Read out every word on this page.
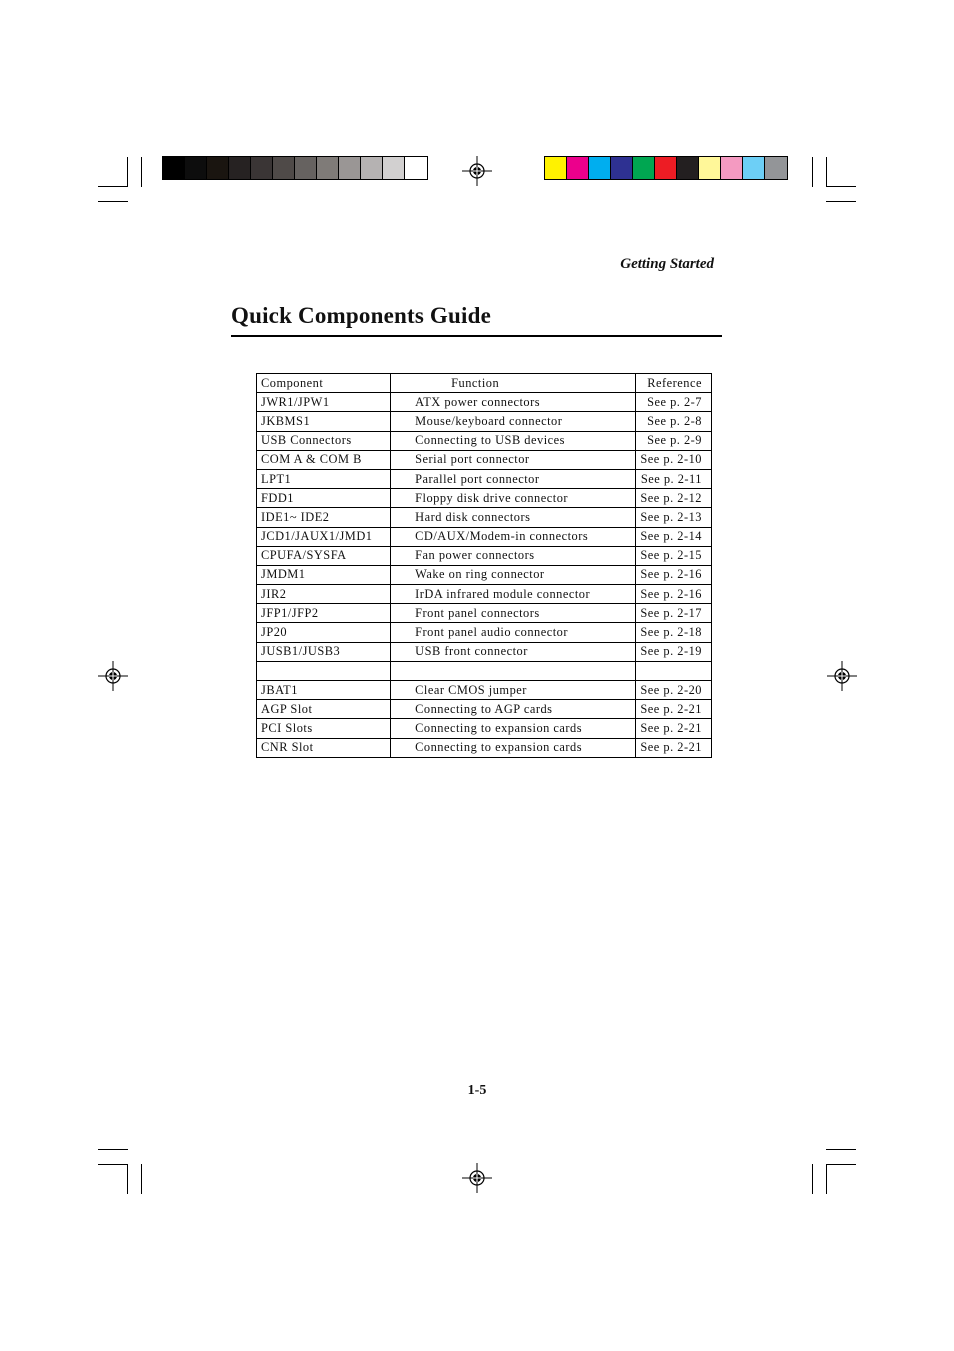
Getting Started
Quick Components Guide
Component	Function	Reference
JWR1/JPW1	ATX power connectors	See p. 2-7
JKBMS1	Mouse/keyboard connector	See p. 2-8
USB Connectors	Connecting to USB devices	See p. 2-9
COM A & COM B	Serial port connector	See p. 2-10
LPT1	Parallel port connector	See p. 2-11
FDD1	Floppy disk drive connector	See p. 2-12
IDE1~ IDE2	Hard disk connectors	See p. 2-13
JCD1/JAUX1/JMD1	CD/AUX/Modem-in connectors	See p. 2-14
CPUFA/SYSFA	Fan power connectors	See p. 2-15
JMDM1	Wake on ring connector	See p. 2-16
JIR2	IrDA infrared module connector	See p. 2-16
JFP1/JFP2	Front panel connectors	See p. 2-17
JP20	Front panel audio connector	See p. 2-18
JUSB1/JUSB3	USB front connector	See p. 2-19

JBAT1	Clear CMOS jumper	See p. 2-20
AGP Slot	Connecting to AGP cards	See p. 2-21
PCI Slots	Connecting to expansion cards	See p. 2-21
CNR Slot	Connecting to expansion cards	See p. 2-21
1-5
